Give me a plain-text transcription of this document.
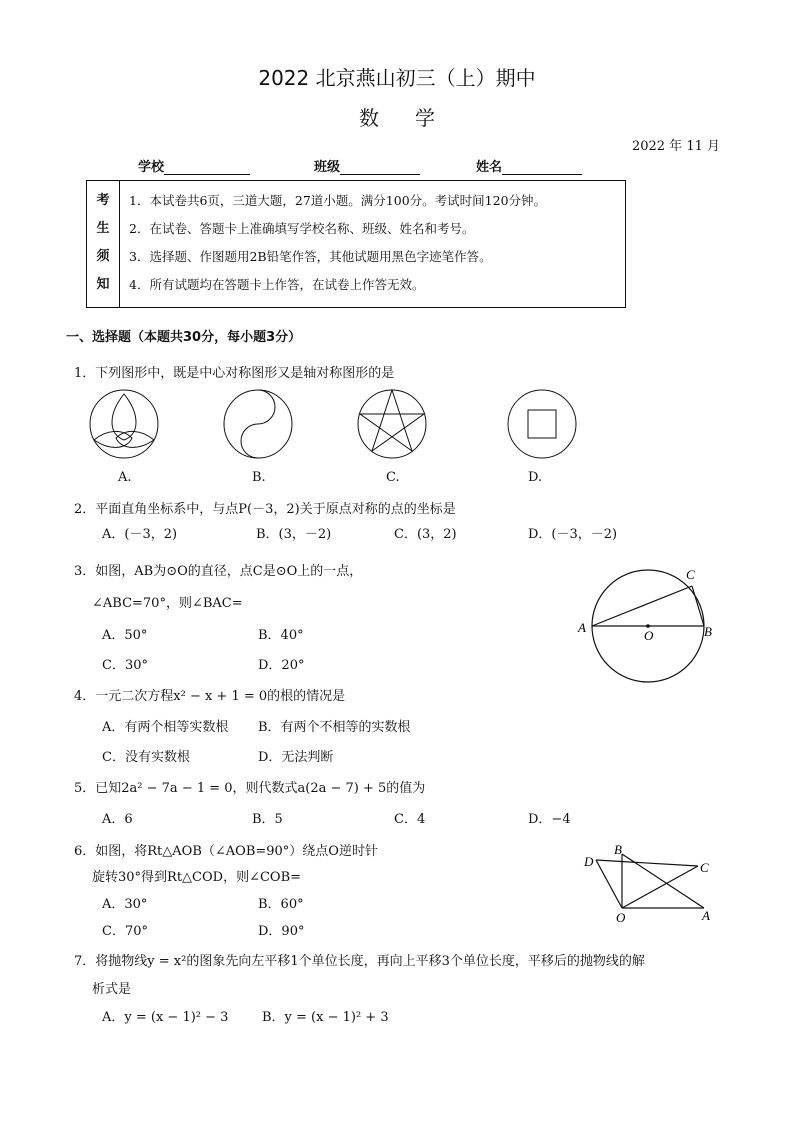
2022 北京燕山初三（上）期中
数学
2022 年 11 月
学校	班级	姓名
考
生
须
知
1．本试卷共6页，三道大题，27道小题。满分100分。考试时间120分钟。
2．在试卷、答题卡上准确填写学校名称、班级、姓名和考号。
3．选择题、作图题用2B铅笔作答，其他试题用黑色字迹笔作答。
4．所有试题均在答题卡上作答，在试卷上作答无效。
一、选择题（本题共30分，每小题3分）
1．下列图形中，既是中心对称图形又是轴对称图形的是
A.	B.	C.	D.
2．平面直角坐标系中，与点P(－3，2)关于原点对称的点的坐标是
A．(－3，2)	B．(3，－2)	C．(3，2)	D．(－3，－2)
3．如图，AB为⊙O的直径，点C是⊙O上的一点，
∠ABC=70°，则∠BAC=
A．50°	B．40°
C．30°	D．20°
A
O	B
C
4．一元二次方程x² − x + 1 = 0的根的情况是
A．有两个相等实数根 B．有两个不相等的实数根
C．没有实数根	D．无法判断
5．已知2a² − 7a − 1 = 0，则代数式a(2a − 7) + 5的值为
A．6	B．5	C．4	D．−4
6．如图，将Rt△AOB（∠AOB=90°）绕点O逆时针
旋转30°得到Rt△COD，则∠COB=
A．30°	B．60°
C．70°	D．90°
D
B
C
O	A
7．将抛物线y = x²的图象先向左平移1个单位长度，再向上平移3个单位长度，平移后的抛物线的解
析式是
A．y = (x − 1)² − 3	B．y = (x − 1)² + 3
